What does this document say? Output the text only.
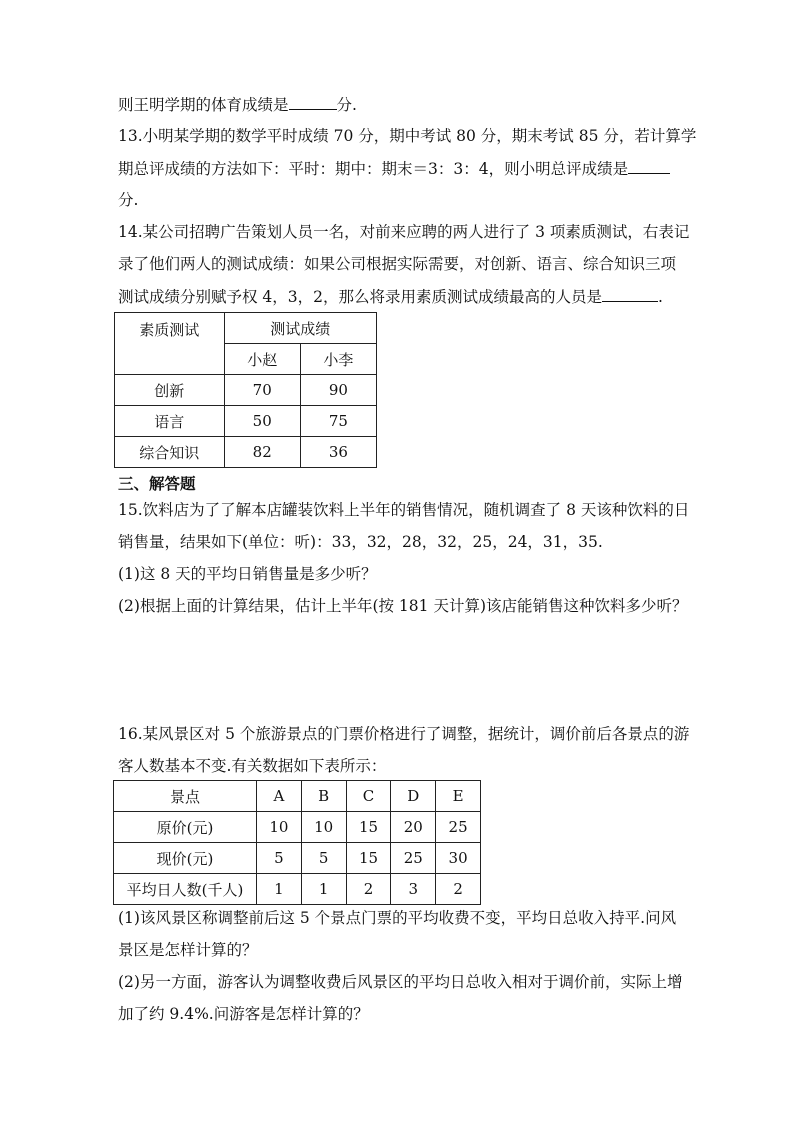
则王明学期的体育成绩是	分.
13.小明某学期的数学平时成绩 70 分，期中考试 80 分，期末考试 85 分，若计算学
期总评成绩的方法如下：平时：期中：期末＝3：3：4，则小明总评成绩是
分.
14.某公司招聘广告策划人员一名，对前来应聘的两人进行了 3 项素质测试，右表记
录了他们两人的测试成绩：如果公司根据实际需要，对创新、语言、综合知识三项
测试成绩分别赋予权 4，3，2，那么将录用素质测试成绩最高的人员是	.
素质测试	测试成绩	
	小赵	小李
创新	70	90
语言	50	75
综合知识	82	36
三、解答题
15.饮料店为了了解本店罐装饮料上半年的销售情况，随机调查了 8 天该种饮料的日
销售量，结果如下(单位：听)：33，32，28，32，25，24，31，35.
(1)这 8 天的平均日销售量是多少听？
(2)根据上面的计算结果，估计上半年(按 181 天计算)该店能销售这种饮料多少听？
16.某风景区对 5 个旅游景点的门票价格进行了调整，据统计，调价前后各景点的游
客人数基本不变.有关数据如下表所示：
景点	A	B	C	D	E
原价(元)	10	10	15	20	25
现价(元)	5	5	15	25	30
平均日人数(千人)	1	1	2	3	2
(1)该风景区称调整前后这 5 个景点门票的平均收费不变，平均日总收入持平.问风
景区是怎样计算的？
(2)另一方面，游客认为调整收费后风景区的平均日总收入相对于调价前，实际上增
加了约 9.4%.问游客是怎样计算的？
